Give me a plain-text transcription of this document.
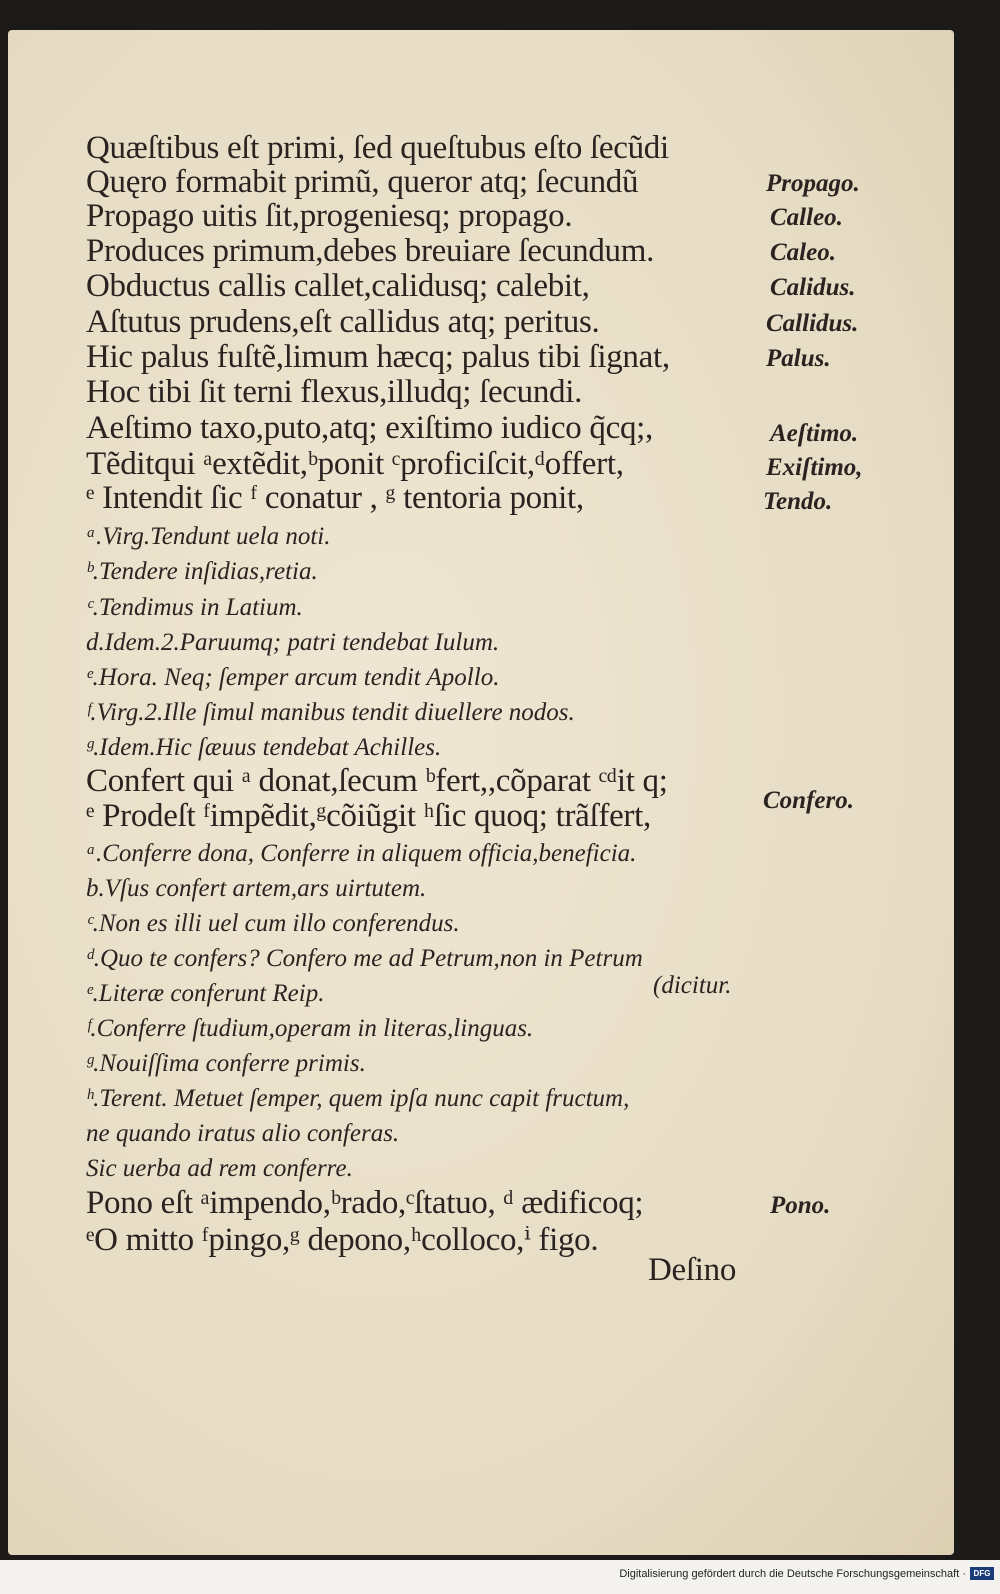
Quæſtibus eſt primi, ſed queſtubus eſto ſecũdi
Quęro formabit primũ, queror atq; ſecundũ
Propago uitis ſit,progeniesq; propago.
Produces primum,debes breuiare ſecundum.
Obductus callis callet,calidusq; calebit,
Aſtutus prudens,eſt callidus atq; peritus.
Hic palus fuſtẽ,limum hæcq; palus tibi ſignat,
Hoc tibi ſit terni flexus,illudq; ſecundi.
Aeſtimo taxo,puto,atq; exiſtimo iudico q̃cq;,
Tẽditqui ᵃextẽdit,ᵇponit ᶜproficiſcit,ᵈoffert,
ᵉ Intendit ſic ᶠ conatur , ᵍ tentoria ponit,
ᵃ.Virg.Tendunt uela noti.
ᵇ.Tendere inſidias,retia.
ᶜ.Tendimus in Latium.
d.Idem.2.Paruumq; patri tendebat Iulum.
ᵉ.Hora. Neq; ſemper arcum tendit Apollo.
ᶠ.Virg.2.Ille ſimul manibus tendit diuellere nodos.
ᵍ.Idem.Hic ſæuus tendebat Achilles.
Confert qui ᵃ donat,ſecum ᵇfert,,cõparat ᶜᵈit q;
ᵉ Prodeſt ᶠimpẽdit,ᵍcõiũgit ʰſic quoq; trãſfert,
ᵃ.Conferre dona, Conferre in aliquem officia,beneficia.
b.Vſus confert artem,ars uirtutem.
ᶜ.Non es illi uel cum illo conferendus.
ᵈ.Quo te confers? Confero me ad Petrum,non in Petrum
ᵉ.Literæ conferunt Reip.	(dicitur.
ᶠ.Conferre ſtudium,operam in literas,linguas.
ᵍ.Nouiſſima conferre primis.
ʰ.Terent. Metuet ſemper, quem ipſa nunc capit fructum,
ne quando iratus alio conferas.
Sic uerba ad rem conferre.
Pono eſt ᵃimpendo,ᵇrado,ᶜſtatuo, ᵈ ædificoq;
ᵉO mitto ᶠpingo,ᵍ depono,ʰcolloco,ⁱ figo.
Deſino
Propago.
Calleo.
Caleo.
Calidus.
Callidus.
Palus.
Aeſtimo.
Exiſtimo,
Tendo.
Confero.
Pono.
Digitalisierung gefördert durch die Deutsche Forschungsgemeinschaft · DFG
